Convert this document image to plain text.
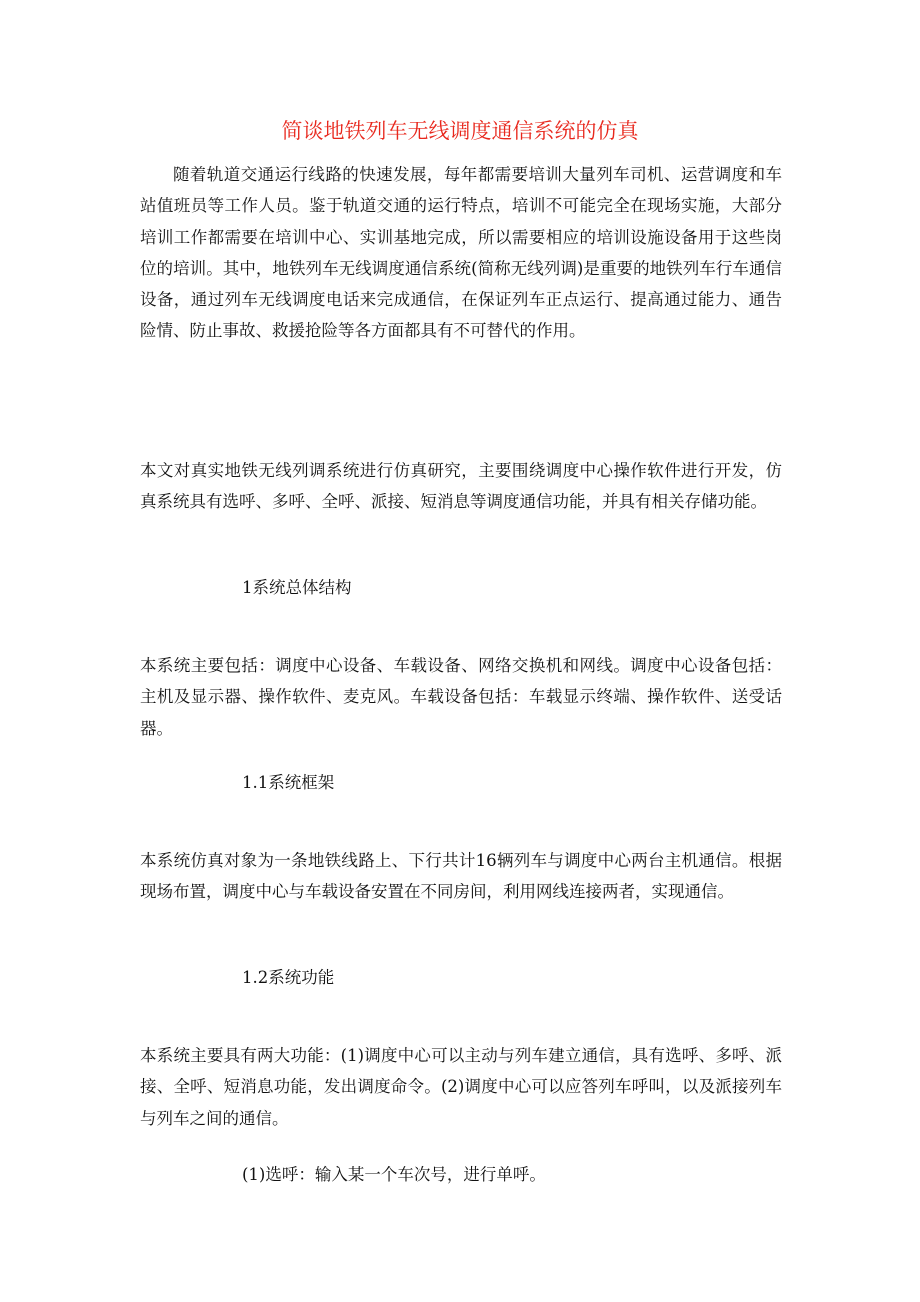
简谈地铁列车无线调度通信系统的仿真

随着轨道交通运行线路的快速发展，每年都需要培训大量列车司机、运营调度和车站值班员等工作人员。鉴于轨道交通的运行特点，培训不可能完全在现场实施，大部分培训工作都需要在培训中心、实训基地完成，所以需要相应的培训设施设备用于这些岗位的培训。其中，地铁列车无线调度通信系统(简称无线列调)是重要的地铁列车行车通信设备，通过列车无线调度电话来完成通信，在保证列车正点运行、提高通过能力、通告险情、防止事故、救援抢险等各方面都具有不可替代的作用。

本文对真实地铁无线列调系统进行仿真研究，主要围绕调度中心操作软件进行开发，仿真系统具有选呼、多呼、全呼、派接、短消息等调度通信功能，并具有相关存储功能。

1系统总体结构

本系统主要包括：调度中心设备、车载设备、网络交换机和网线。调度中心设备包括：主机及显示器、操作软件、麦克风。车载设备包括：车载显示终端、操作软件、送受话器。

1.1系统框架

本系统仿真对象为一条地铁线路上、下行共计16辆列车与调度中心两台主机通信。根据现场布置，调度中心与车载设备安置在不同房间，利用网线连接两者，实现通信。

1.2系统功能

本系统主要具有两大功能：(1)调度中心可以主动与列车建立通信，具有选呼、多呼、派接、全呼、短消息功能，发出调度命令。(2)调度中心可以应答列车呼叫，以及派接列车与列车之间的通信。

(1)选呼：输入某一个车次号，进行单呼。
